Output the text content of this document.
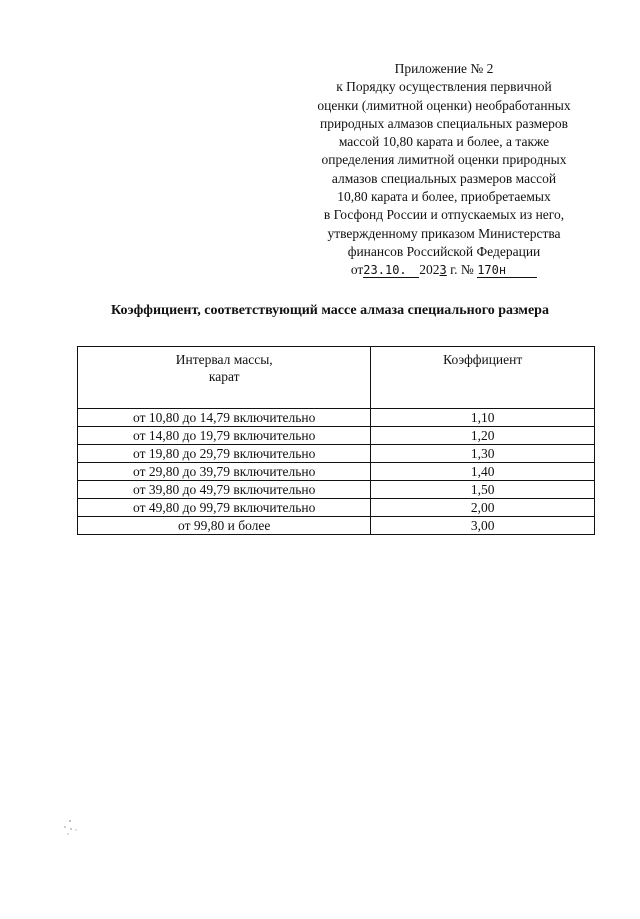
Приложение № 2
к Порядку осуществления первичной
оценки (лимитной оценки) необработанных
природных алмазов специальных размеров
массой 10,80 карата и более, а также
определения лимитной оценки природных
алмазов специальных размеров массой
10,80 карата и более, приобретаемых
в Госфонд России и отпускаемых из него,
утвержденному приказом Министерства
финансов Российской Федерации
от23.10. 2023 г. № 170н
Коэффициент, соответствующий массе алмаза специального размера
Интервал массы,
карат	Коэффициент
от 10,80 до 14,79 включительно	1,10
от 14,80 до 19,79 включительно	1,20
от 19,80 до 29,79 включительно	1,30
от 29,80 до 39,79 включительно	1,40
от 39,80 до 49,79 включительно	1,50
от 49,80 до 99,79 включительно	2,00
от 99,80 и более	3,00
